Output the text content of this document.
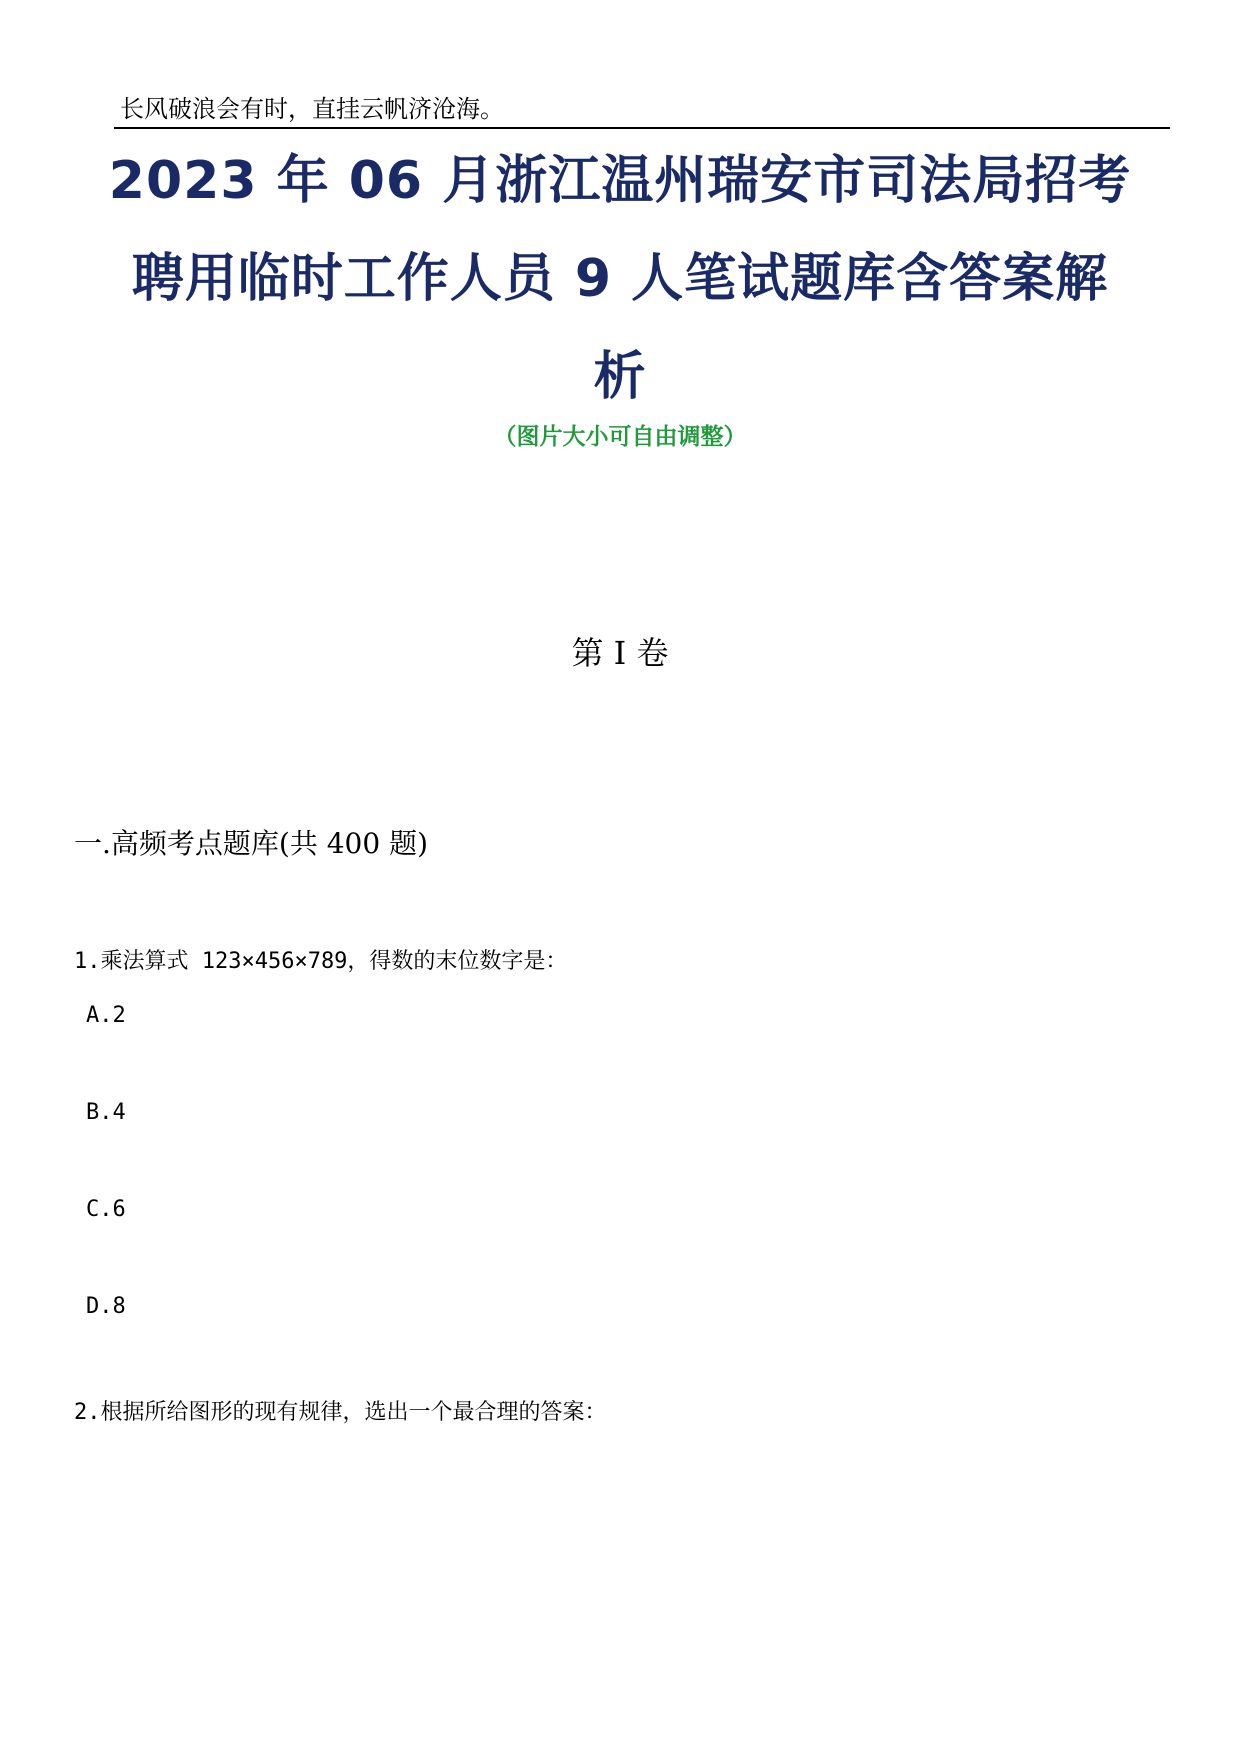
长风破浪会有时，直挂云帆济沧海。
2023 年 06 月浙江温州瑞安市司法局招考
聘用临时工作人员 9 人笔试题库含答案解
析
（图片大小可自由调整）
第 I 卷
一.高频考点题库(共 400 题)
1.乘法算式 123×456×789，得数的末位数字是：
A.2
B.4
C.6
D.8
2.根据所给图形的现有规律，选出一个最合理的答案：
